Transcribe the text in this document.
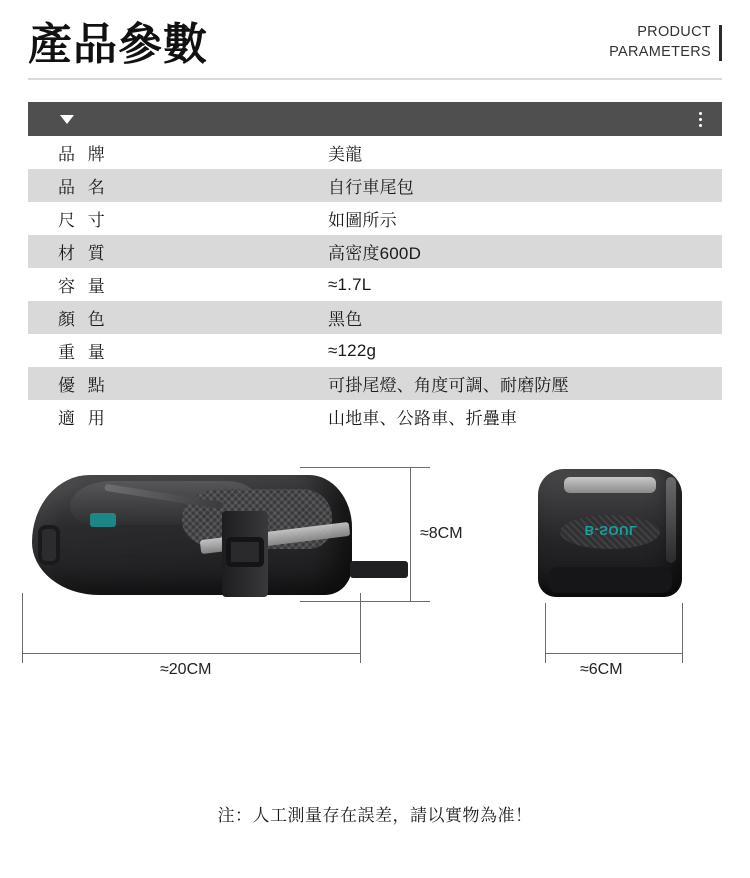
產品參數	PRODUCT
PARAMETERS
品 牌	美龍
品 名	自行車尾包
尺 寸	如圖所示
材 質	高密度600D
容 量	≈1.7L
顏 色	黑色
重 量	≈122g
優 點	可掛尾燈、角度可調、耐磨防壓
適 用	山地車、公路車、折疊車
≈8CM
≈20CM
B-SOUL
≈6CM
注：人工測量存在誤差，請以實物為准！
